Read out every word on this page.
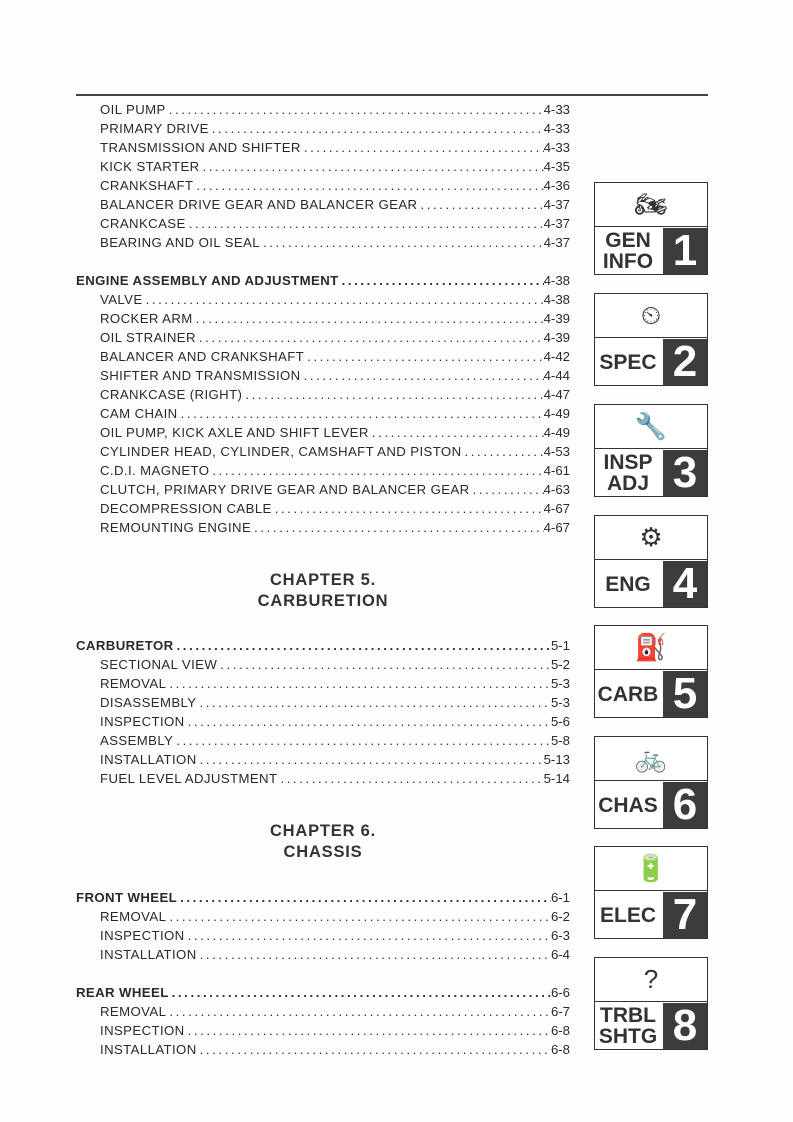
OIL PUMP .....	4-33
PRIMARY DRIVE .....	4-33
TRANSMISSION AND SHIFTER .....	4-33
KICK STARTER .....	4-35
CRANKSHAFT .....	4-36
BALANCER DRIVE GEAR AND BALANCER GEAR .....	4-37
CRANKCASE .....	4-37
BEARING AND OIL SEAL .....	4-37
ENGINE ASSEMBLY AND ADJUSTMENT .....	4-38
VALVE .....	4-38
ROCKER ARM .....	4-39
OIL STRAINER .....	4-39
BALANCER AND CRANKSHAFT .....	4-42
SHIFTER AND TRANSMISSION .....	4-44
CRANKCASE (RIGHT) .....	4-47
CAM CHAIN .....	4-49
OIL PUMP, KICK AXLE AND SHIFT LEVER .....	4-49
CYLINDER HEAD, CYLINDER, CAMSHAFT AND PISTON .....	4-53
C.D.I. MAGNETO .....	4-61
CLUTCH, PRIMARY DRIVE GEAR AND BALANCER GEAR .....	4-63
DECOMPRESSION CABLE .....	4-67
REMOUNTING ENGINE .....	4-67
CARBURETOR .....	5-1
SECTIONAL VIEW .....	5-2
REMOVAL .....	5-3
DISASSEMBLY .....	5-3
INSPECTION .....	5-6
ASSEMBLY .....	5-8
INSTALLATION .....	5-13
FUEL LEVEL ADJUSTMENT .....	5-14
FRONT WHEEL .....	6-1
REMOVAL .....	6-2
INSPECTION .....	6-3
INSTALLATION .....	6-4
REAR WHEEL .....	6-6
REMOVAL .....	6-7
INSPECTION .....	6-8
INSTALLATION .....	6-8
CHAPTER 5.
CARBURETION
CHAPTER 6.
CHASSIS
🏍
GEN
INFO 1
⏲
SPEC 2
🔧
INSP
ADJ 3
⚙
ENG 4
⛽
CARB 5
🚲
CHAS 6
🔋
ELEC 7
?
TRBL
SHTG 8
